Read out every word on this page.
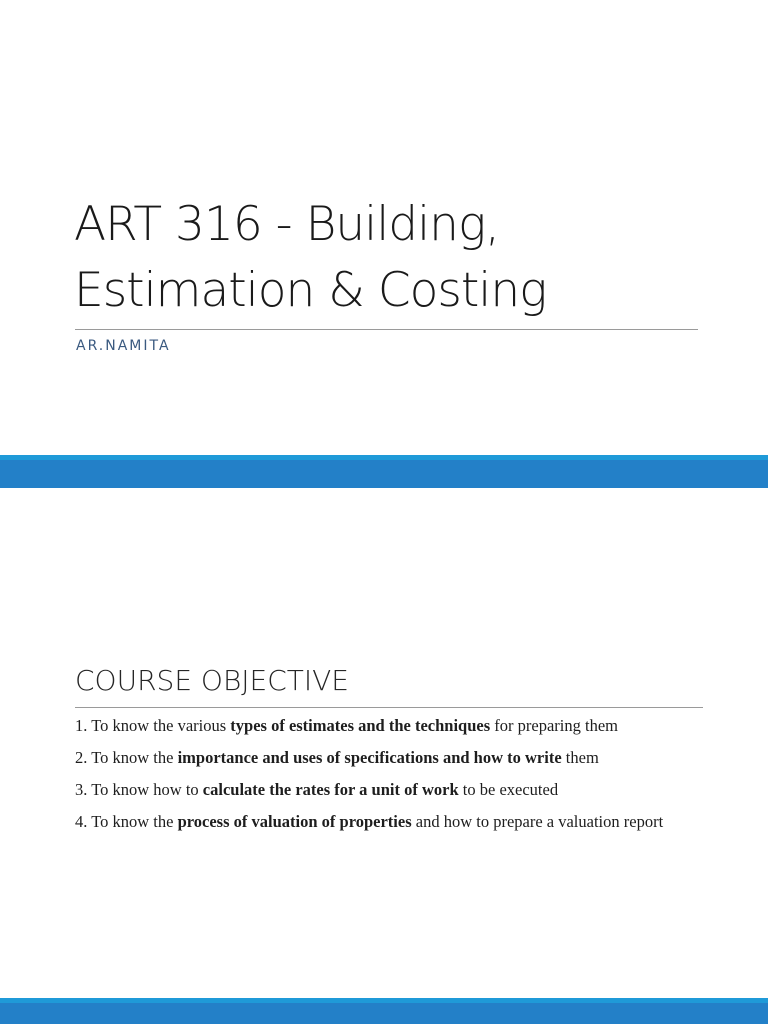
ART 316 - Building,
Estimation & Costing
AR.NAMITA
COURSE OBJECTIVE
1. To know the various types of estimates and the techniques for preparing them
2. To know the importance and uses of specifications and how to write them
3. To know how to calculate the rates for a unit of work to be executed
4. To know the process of valuation of properties and how to prepare a valuation report
